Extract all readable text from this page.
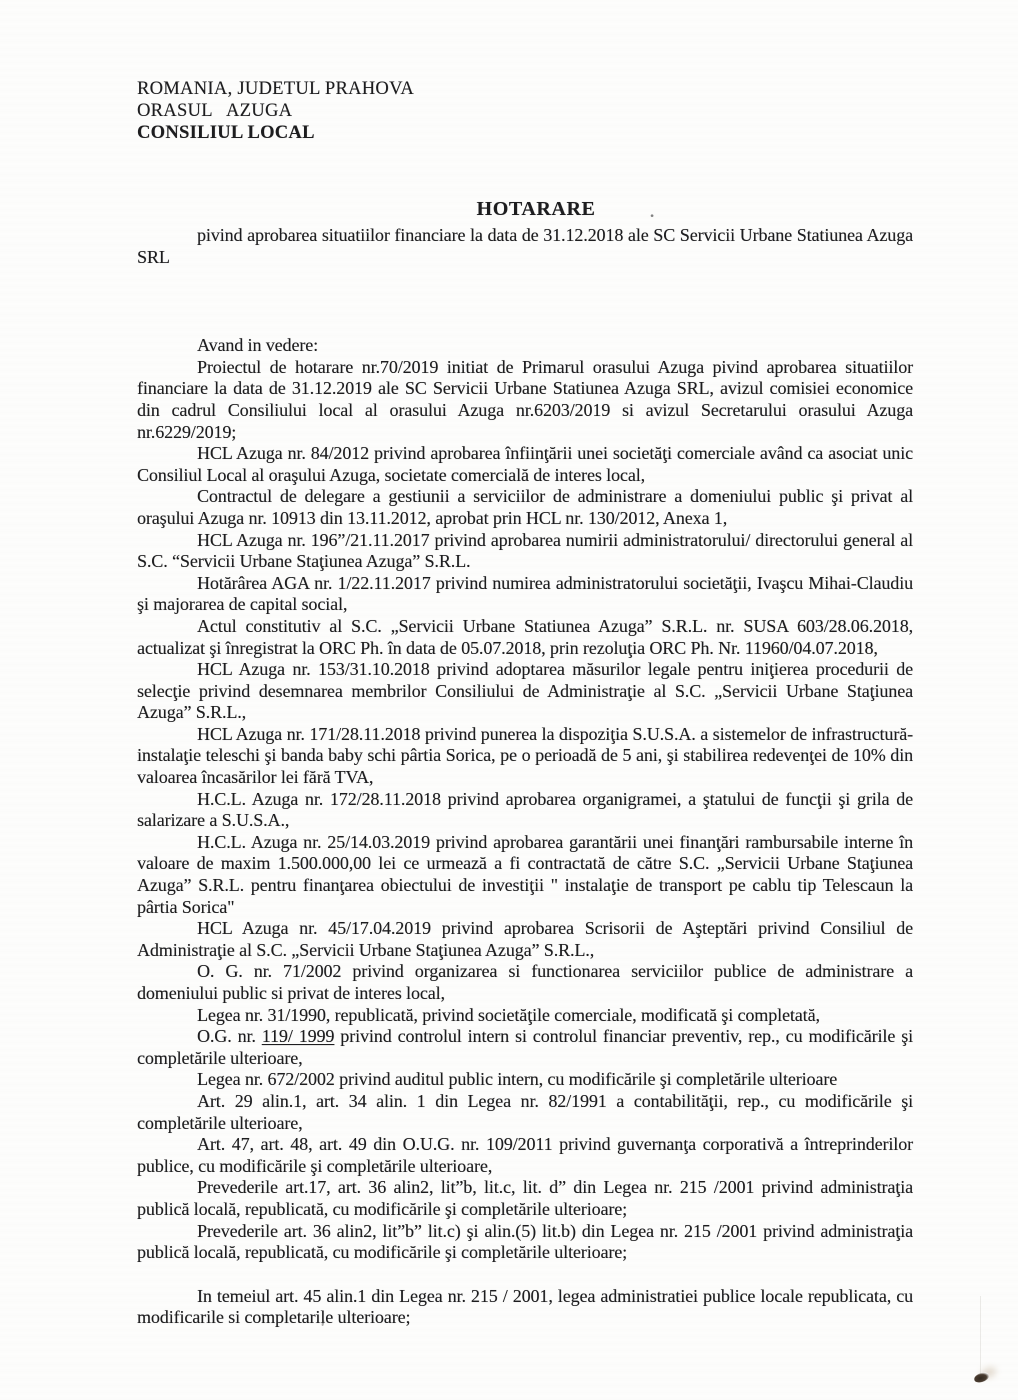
ROMANIA, JUDETUL PRAHOVA
ORASUL AZUGA
CONSILIUL LOCAL
HOTARARE	.

pivind aprobarea situatiilor financiare la data de 31.12.2018 ale SC Servicii Urbane Statiunea Azuga SRL

Avand in vedere:

Proiectul de hotarare nr.70/2019 initiat de Primarul orasului Azuga pivind aprobarea situatiilor financiare la data de 31.12.2019 ale SC Servicii Urbane Statiunea Azuga SRL, avizul comisiei economice din cadrul Consiliului local al orasului Azuga nr.6203/2019 si avizul Secretarului orasului Azuga nr.6229/2019;

HCL Azuga nr. 84/2012 privind aprobarea înfiinţării unei societăţi comerciale având ca asociat unic Consiliul Local al oraşului Azuga, societate comercială de interes local,

Contractul de delegare a gestiunii a serviciilor de administrare a domeniului public şi privat al oraşului Azuga nr. 10913 din 13.11.2012, aprobat prin HCL nr. 130/2012, Anexa 1,

HCL Azuga nr. 196”/21.11.2017 privind aprobarea numirii administratorului/ directorului general al S.C. “Servicii Urbane Staţiunea Azuga” S.R.L.

Hotărârea AGA nr. 1/22.11.2017 privind numirea administratorului societăţii, Ivaşcu Mihai-Claudiu şi majorarea de capital social,

Actul constitutiv al S.C. „Servicii Urbane Statiunea Azuga” S.R.L. nr. SUSA 603/28.06.2018, actualizat şi înregistrat la ORC Ph. în data de 05.07.2018, prin rezoluţia ORC Ph. Nr. 11960/04.07.2018,

HCL Azuga nr. 153/31.10.2018 privind adoptarea măsurilor legale pentru iniţierea procedurii de selecţie privind desemnarea membrilor Consiliului de Administraţie al S.C. „Servicii Urbane Staţiunea Azuga” S.R.L.,

HCL Azuga nr. 171/28.11.2018 privind punerea la dispoziţia S.U.S.A. a sistemelor de infrastructură-instalaţie teleschi şi banda baby schi pârtia Sorica, pe o perioadă de 5 ani, şi stabilirea redevenţei de 10% din valoarea încasărilor lei fără TVA,

H.C.L. Azuga nr. 172/28.11.2018 privind aprobarea organigramei, a ştatului de funcţii şi grila de salarizare a S.U.S.A.,

H.C.L. Azuga nr. 25/14.03.2019 privind aprobarea garantării unei finanţări rambursabile interne în valoare de maxim 1.500.000,00 lei ce urmează a fi contractată de către S.C. „Servicii Urbane Staţiunea Azuga” S.R.L. pentru finanţarea obiectului de investiţii " instalaţie de transport pe cablu tip Telescaun la pârtia Sorica"

HCL Azuga nr. 45/17.04.2019 privind aprobarea Scrisorii de Aşteptări privind Consiliul de Administraţie al S.C. „Servicii Urbane Staţiunea Azuga” S.R.L.,

O. G. nr. 71/2002 privind organizarea si functionarea serviciilor publice de administrare a domeniului public si privat de interes local,

Legea nr. 31/1990, republicată, privind societăţile comerciale, modificată şi completată,

O.G. nr. 119/ 1999 privind controlul intern si controlul financiar preventiv, rep., cu modificările şi completările ulterioare,

Legea nr. 672/2002 privind auditul public intern, cu modificările şi completările ulterioare

Art. 29 alin.1, art. 34 alin. 1 din Legea nr. 82/1991 a contabilităţii, rep., cu modificările şi completările ulterioare,

Art. 47, art. 48, art. 49 din O.U.G. nr. 109/2011 privind guvernanţa corporativă a întreprinderilor publice, cu modificările şi completările ulterioare,

Prevederile art.17, art. 36 alin2, lit”b, lit.c, lit. d” din Legea nr. 215 /2001 privind administraţia publică locală, republicată, cu modificările şi completările ulterioare;

Prevederile art. 36 alin2, lit”b” lit.c) şi alin.(5) lit.b) din Legea nr. 215 /2001 privind administraţia publică locală, republicată, cu modificările şi completările ulterioare;

In temeiul art. 45 alin.1 din Legea nr. 215 / 2001, legea administratiei publice locale republicata, cu modificarile si completarile ulterioare;
